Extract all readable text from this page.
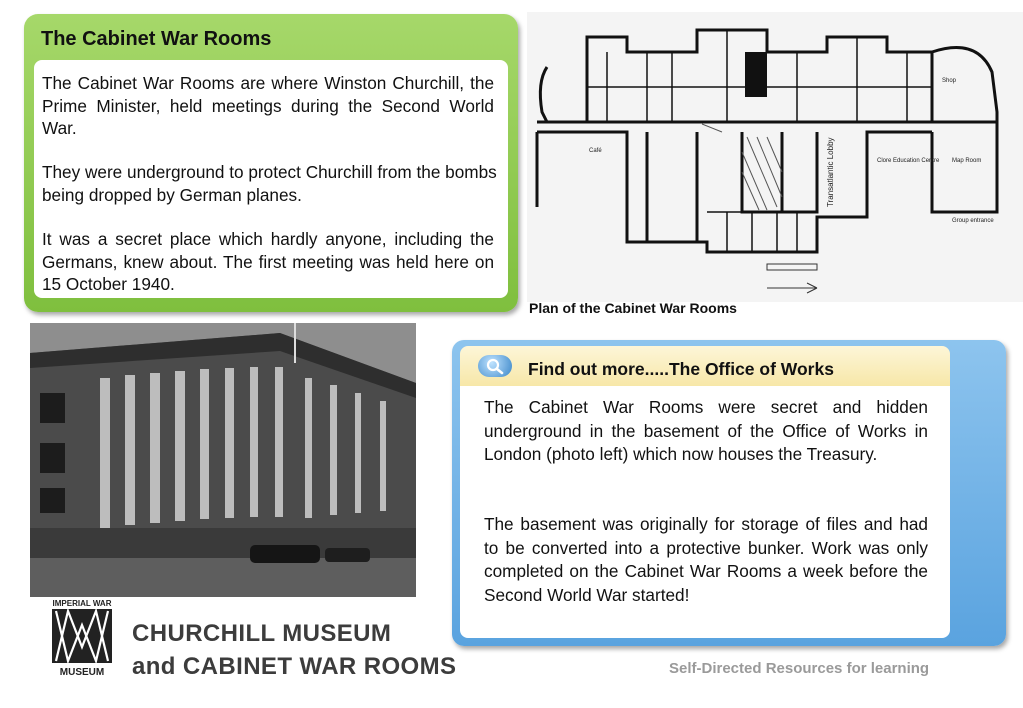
The Cabinet War Rooms

The Cabinet War Rooms are where Winston Churchill, the Prime Minister, held meetings during the Second World War.

They were underground to protect Churchill from the bombs being dropped by German planes.

It was a secret place which hardly anyone, including the Germans, knew about. The first meeting was held here on 15 October 1940.

Café
Clore Education Centre
Group entrance
Map Room
Shop
Transatlantic Lobby
Plan of the Cabinet War Rooms
Find out more.....The Office of Works

The Cabinet War Rooms were secret and hidden underground in the basement of the Office of Works in London (photo left) which now houses the Treasury.

The basement was originally for storage of files and had to be converted into a protective bunker. Work was only completed on the Cabinet War Rooms a week before the Second World War started!

IMPERIAL WAR
MUSEUM
CHURCHILL MUSEUM
and CABINET WAR ROOMS	Self-Directed Resources for learning
